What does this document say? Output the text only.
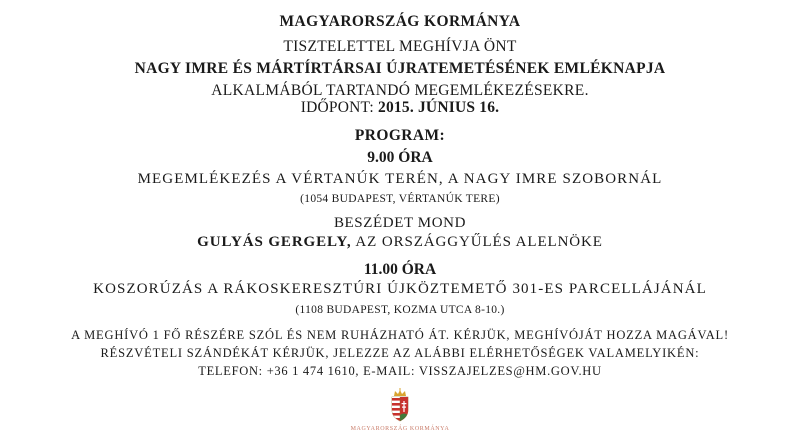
MAGYARORSZÁG KORMÁNYA
TISZTELETTEL MEGHÍVJA ÖNT
NAGY IMRE ÉS MÁRTÍRTÁRSAI ÚJRATEMETÉSÉNEK EMLÉKNAPJA
ALKALMÁBÓL TARTANDÓ MEGEMLÉKEZÉSEKRE.
IDŐPONT: 2015. JÚNIUS 16.
PROGRAM:
9.00 ÓRA
MEGEMLÉKEZÉS A VÉRTANÚK TERÉN, A NAGY IMRE SZOBORNÁL
(1054 BUDAPEST, VÉRTANÚK TERE)
BESZÉDET MOND
GULYÁS GERGELY, AZ ORSZÁGGYŰLÉS ALELNÖKE
11.00 ÓRA
KOSZORÚZÁS A RÁKOSKERESZTÚRI ÚJKÖZTEMETŐ 301-ES PARCELLÁJÁNÁL
(1108 BUDAPEST, KOZMA UTCA 8-10.)
A MEGHÍVÓ 1 FŐ RÉSZÉRE SZÓL ÉS NEM RUHÁZHATÓ ÁT. KÉRJÜK, MEGHÍVÓJÁT HOZZA MAGÁVAL!
RÉSZVÉTELI SZÁNDÉKÁT KÉRJÜK, JELEZZE AZ ALÁBBI ELÉRHETŐSÉGEK VALAMELYIKÉN:
TELEFON: +36 1 474 1610, E-MAIL: VISSZAJELZES@HM.GOV.HU
MAGYARORSZÁG KORMÁNYA
